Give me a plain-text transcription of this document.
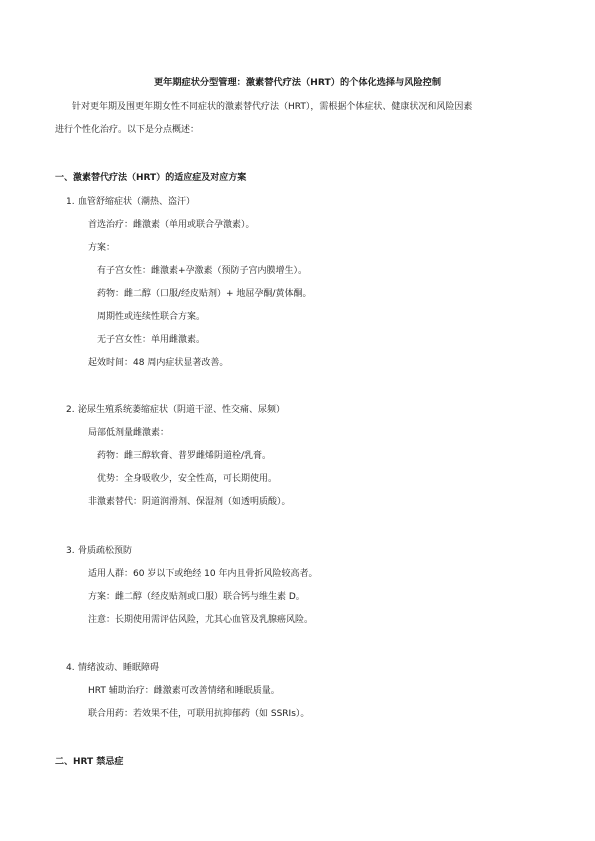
更年期症状分型管理：激素替代疗法（HRT）的个体化选择与风险控制
针对更年期及围更年期女性不同症状的激素替代疗法（HRT），需根据个体症状、健康状况和风险因素
进行个性化治疗。以下是分点概述：
一、激素替代疗法（HRT）的适应症及对应方案
1. 血管舒缩症状（潮热、盗汗）
首选治疗：雌激素（单用或联合孕激素）。
方案：
有子宫女性：雌激素+孕激素（预防子宫内膜增生）。
药物：雌二醇（口服/经皮贴剂）+ 地屈孕酮/黄体酮。
周期性或连续性联合方案。
无子宫女性：单用雌激素。
起效时间：48 周内症状显著改善。
2. 泌尿生殖系统萎缩症状（阴道干涩、性交痛、尿频）
局部低剂量雌激素：
药物：雌三醇软膏、普罗雌烯阴道栓/乳膏。
优势：全身吸收少，安全性高，可长期使用。
非激素替代：阴道润滑剂、保湿剂（如透明质酸）。
3. 骨质疏松预防
适用人群：60 岁以下或绝经 10 年内且骨折风险较高者。
方案：雌二醇（经皮贴剂或口服）联合钙与维生素 D。
注意：长期使用需评估风险，尤其心血管及乳腺癌风险。
4. 情绪波动、睡眠障碍
HRT 辅助治疗：雌激素可改善情绪和睡眠质量。
联合用药：若效果不佳，可联用抗抑郁药（如 SSRIs）。
二、HRT 禁忌症
